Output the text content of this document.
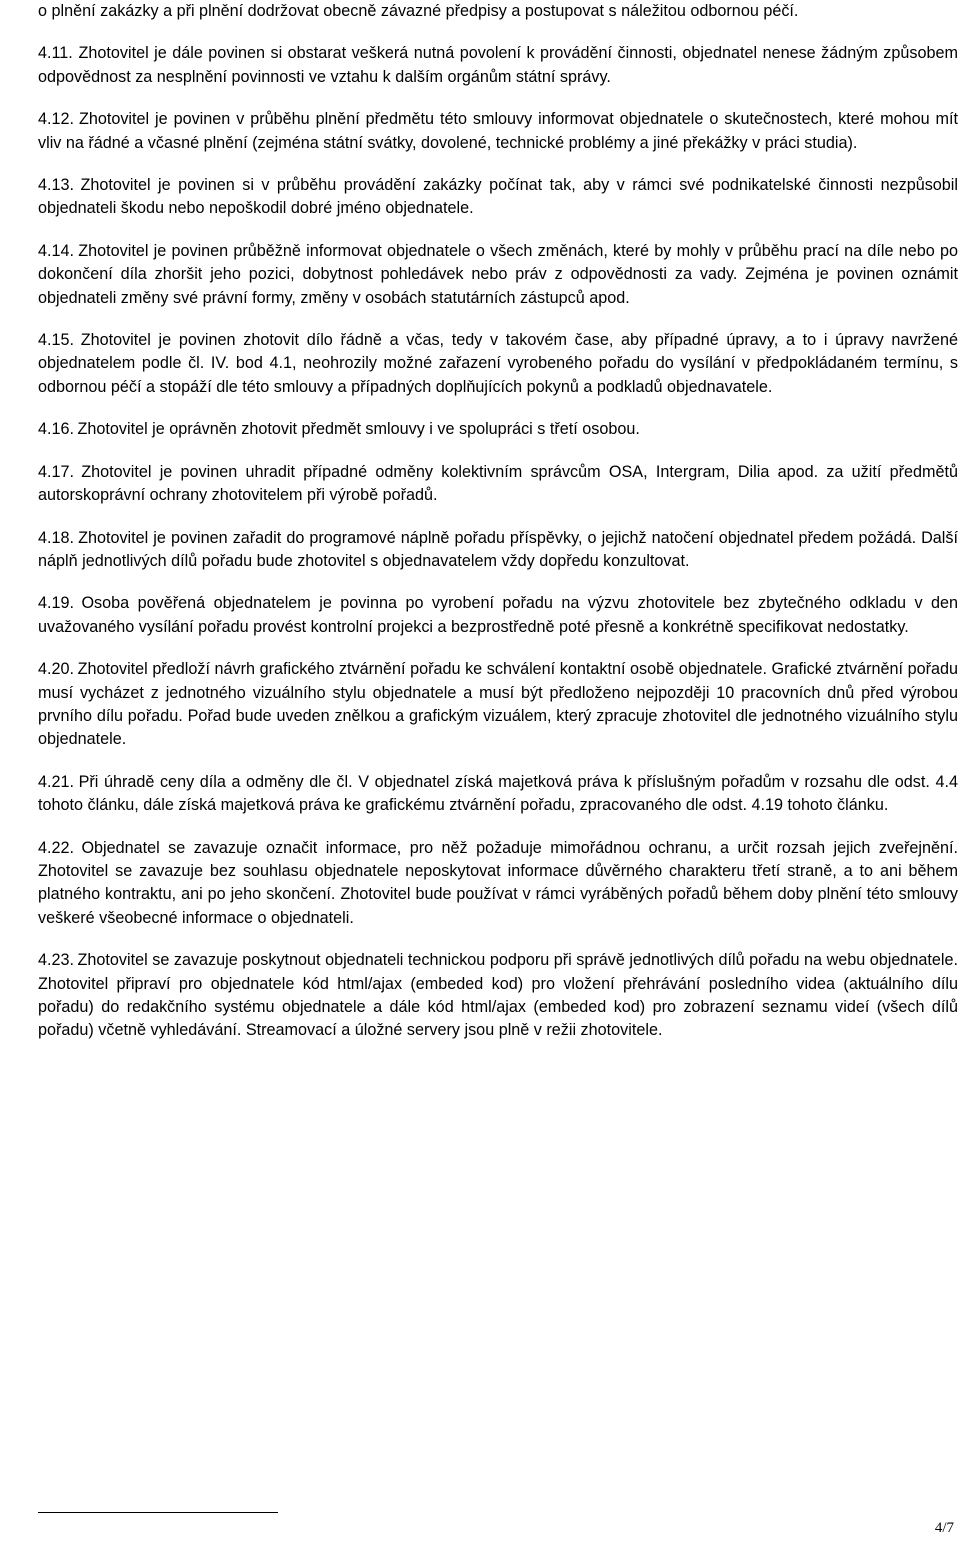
o plnění zakázky a při plnění dodržovat obecně závazné předpisy a postupovat s náležitou odbornou péčí.

4.11. Zhotovitel je dále povinen si obstarat veškerá nutná povolení k provádění činnosti, objednatel nenese žádným způsobem odpovědnost za nesplnění povinnosti ve vztahu k dalším orgánům státní správy.

4.12. Zhotovitel je povinen v průběhu plnění předmětu této smlouvy informovat objednatele o skutečnostech, které mohou mít vliv na řádné a včasné plnění (zejména státní svátky, dovolené, technické problémy a jiné překážky v práci studia).

4.13. Zhotovitel je povinen si v průběhu provádění zakázky počínat tak, aby v rámci své podnikatelské činnosti nezpůsobil objednateli škodu nebo nepoškodil dobré jméno objednatele.

4.14. Zhotovitel je povinen průběžně informovat objednatele o všech změnách, které by mohly v průběhu prací na díle nebo po dokončení díla zhoršit jeho pozici, dobytnost pohledávek nebo práv z odpovědnosti za vady. Zejména je povinen oznámit objednateli změny své právní formy, změny v osobách statutárních zástupců apod.

4.15. Zhotovitel je povinen zhotovit dílo řádně a včas, tedy v takovém čase, aby případné úpravy, a to i úpravy navržené objednatelem podle čl. IV. bod 4.1, neohrozily možné zařazení vyrobeného pořadu do vysílání v předpokládaném termínu, s odbornou péčí a stopáží dle této smlouvy a případných doplňujících pokynů a podkladů objednavatele.

4.16. Zhotovitel je oprávněn zhotovit předmět smlouvy i ve spolupráci s třetí osobou.

4.17. Zhotovitel je povinen uhradit případné odměny kolektivním správcům OSA, Intergram, Dilia apod. za užití předmětů autorskoprávní ochrany zhotovitelem při výrobě pořadů.

4.18. Zhotovitel je povinen zařadit do programové náplně pořadu příspěvky, o jejichž natočení objednatel předem požádá. Další náplň jednotlivých dílů pořadu bude zhotovitel s objednavatelem vždy dopředu konzultovat.

4.19. Osoba pověřená objednatelem je povinna po vyrobení pořadu na výzvu zhotovitele bez zbytečného odkladu v den uvažovaného vysílání pořadu provést kontrolní projekci a bezprostředně poté přesně a konkrétně specifikovat nedostatky.

4.20. Zhotovitel předloží návrh grafického ztvárnění pořadu ke schválení kontaktní osobě objednatele. Grafické ztvárnění pořadu musí vycházet z jednotného vizuálního stylu objednatele a musí být předloženo nejpozději 10 pracovních dnů před výrobou prvního dílu pořadu. Pořad bude uveden znělkou a grafickým vizuálem, který zpracuje zhotovitel dle jednotného vizuálního stylu objednatele.

4.21. Při úhradě ceny díla a odměny dle čl. V objednatel získá majetková práva k příslušným pořadům v rozsahu dle odst. 4.4 tohoto článku, dále získá majetková práva ke grafickému ztvárnění pořadu, zpracovaného dle odst. 4.19 tohoto článku.

4.22. Objednatel se zavazuje označit informace, pro něž požaduje mimořádnou ochranu, a určit rozsah jejich zveřejnění. Zhotovitel se zavazuje bez souhlasu objednatele neposkytovat informace důvěrného charakteru třetí straně, a to ani během platného kontraktu, ani po jeho skončení. Zhotovitel bude používat v rámci vyráběných pořadů během doby plnění této smlouvy veškeré všeobecné informace o objednateli.

4.23. Zhotovitel se zavazuje poskytnout objednateli technickou podporu při správě jednotlivých dílů pořadu na webu objednatele. Zhotovitel připraví pro objednatele kód html/ajax (embeded kod) pro vložení přehrávání posledního videa (aktuálního dílu pořadu) do redakčního systému objednatele a dále kód html/ajax (embeded kod) pro zobrazení seznamu videí (všech dílů pořadu) včetně vyhledávání. Streamovací a úložné servery jsou plně v režii zhotovitele.

4/7
